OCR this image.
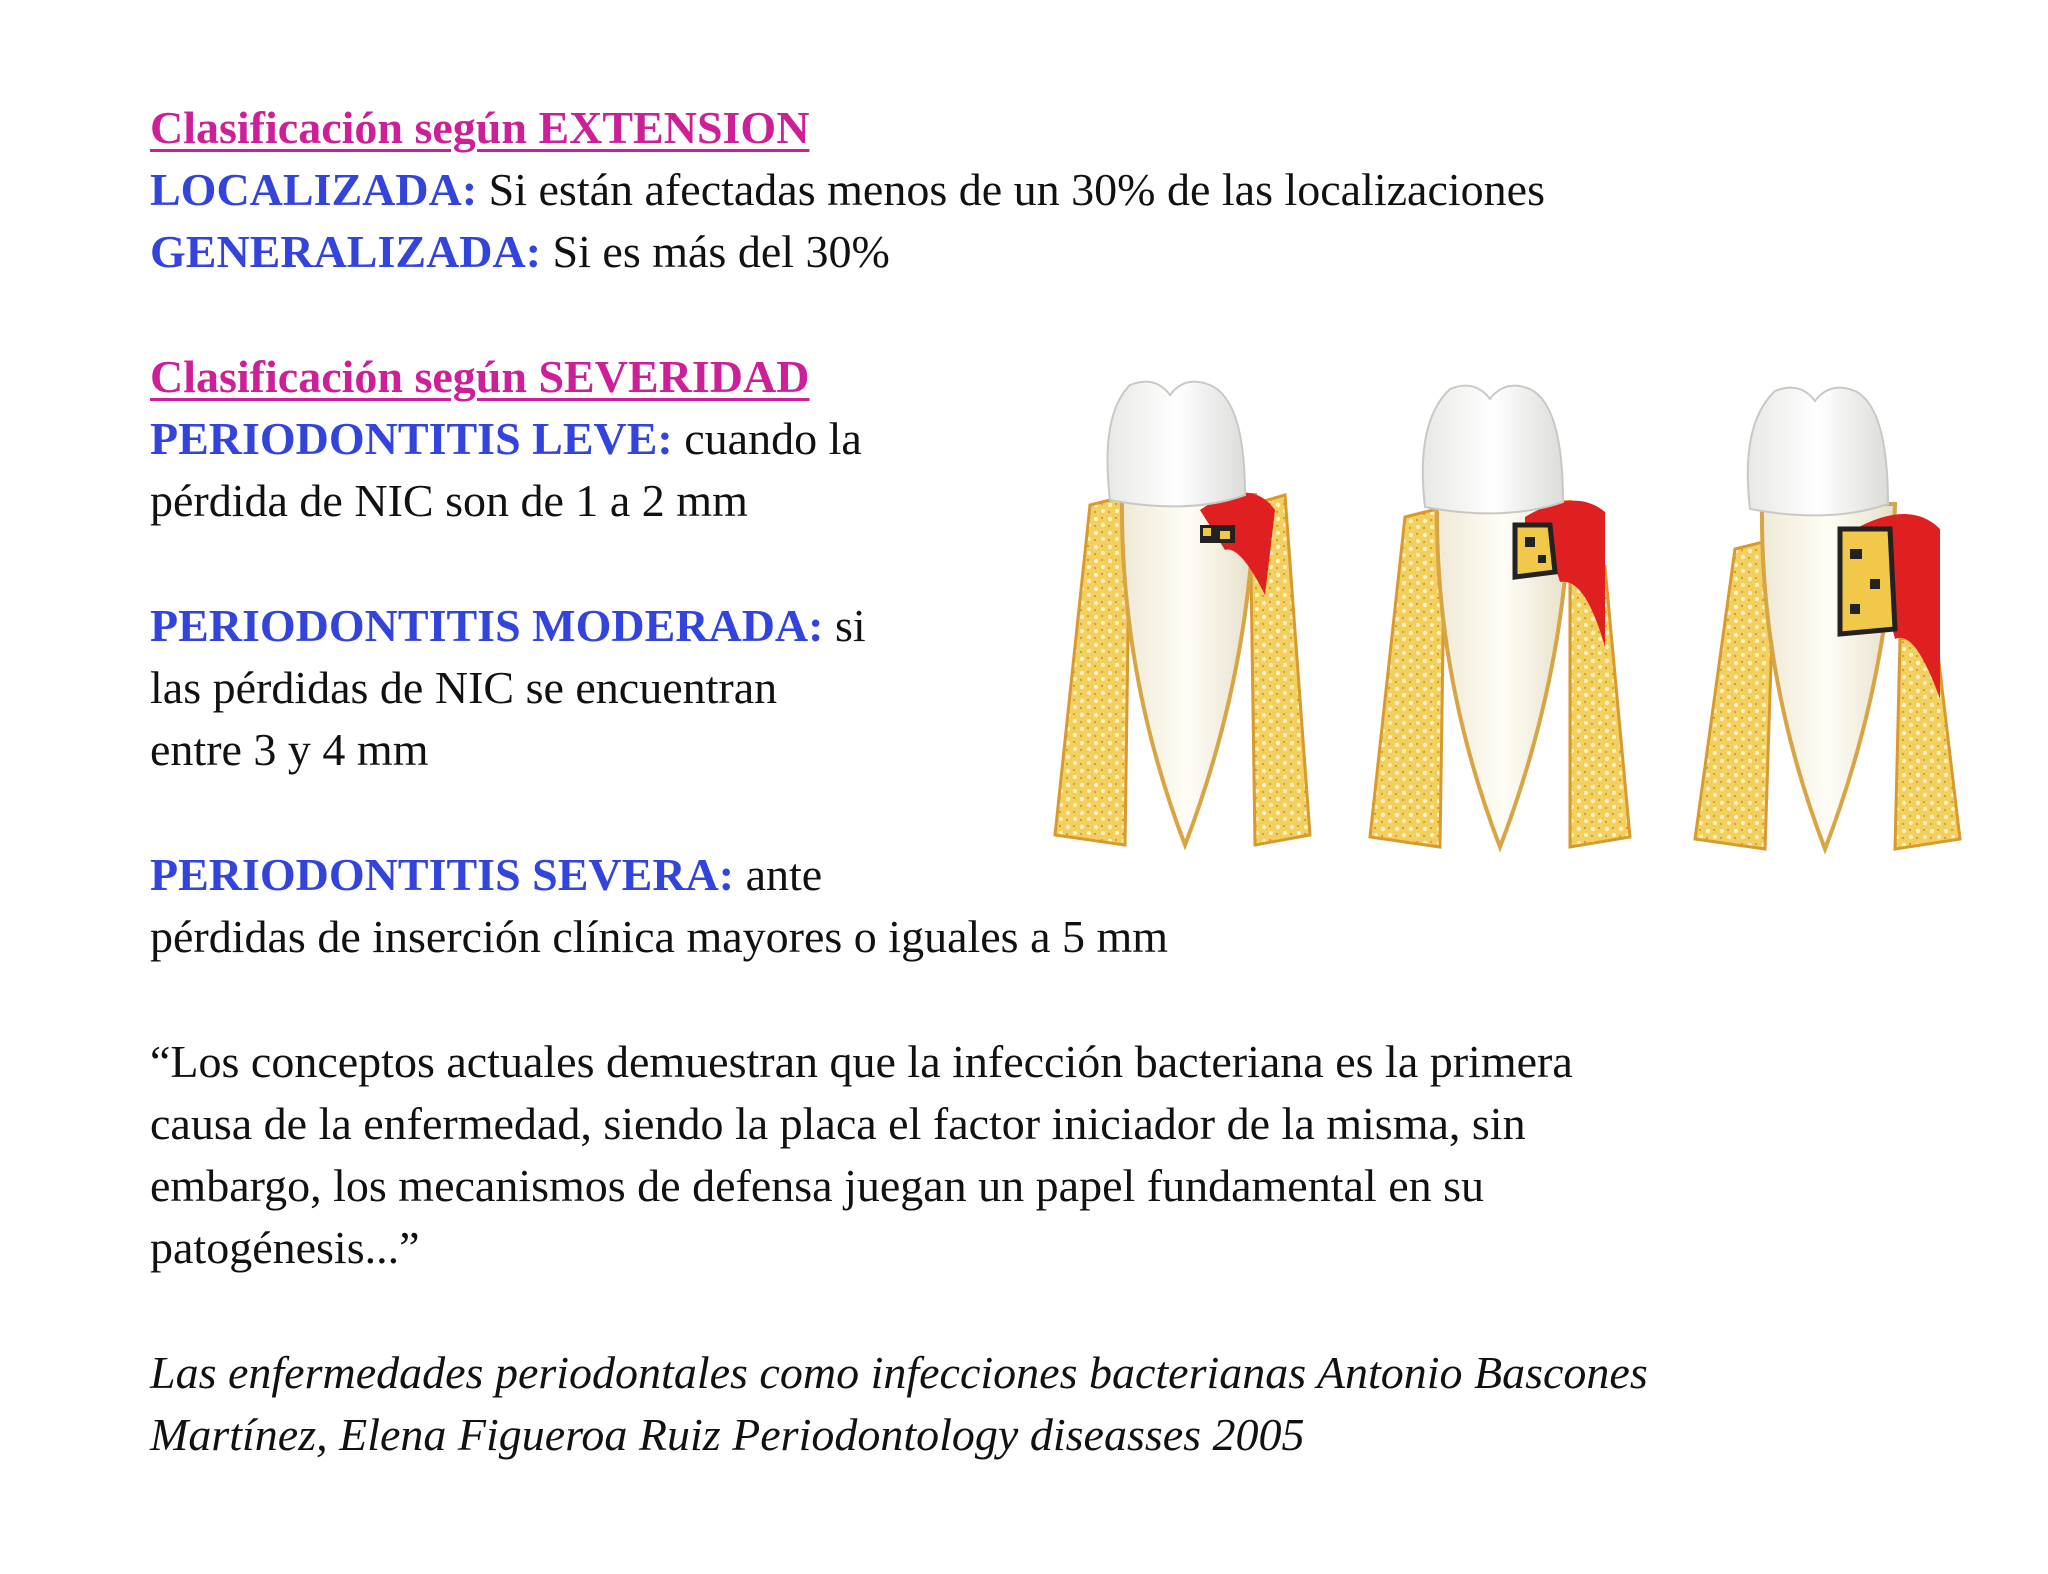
Clasificación según EXTENSION
LOCALIZADA: Si están afectadas menos de un 30% de las localizaciones
GENERALIZADA: Si es más del 30%
Clasificación según SEVERIDAD
PERIODONTITIS LEVE: cuando la
pérdida de NIC son de 1 a 2 mm
PERIODONTITIS MODERADA: si
las pérdidas de NIC se encuentran
entre 3 y 4 mm
PERIODONTITIS SEVERA: ante
pérdidas de inserción clínica mayores o iguales a 5 mm
“Los conceptos actuales demuestran que la infección bacteriana es la primera
causa de la enfermedad, siendo la placa el factor iniciador de la misma, sin
embargo, los mecanismos de defensa juegan un papel fundamental en su
patogénesis...”
Las enfermedades periodontales como infecciones bacterianas Antonio Bascones
Martínez, Elena Figueroa Ruiz Periodontology diseasses 2005
